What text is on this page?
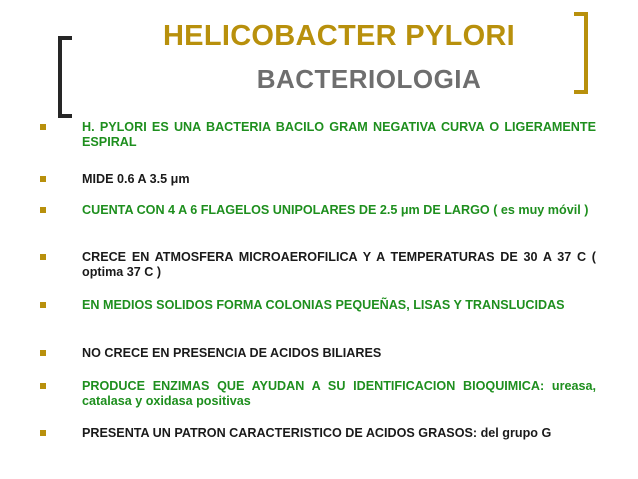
HELICOBACTER PYLORI
BACTERIOLOGIA
H. PYLORI ES UNA BACTERIA BACILO GRAM NEGATIVA CURVA O LIGERAMENTE ESPIRAL
MIDE 0.6 A 3.5 μm
CUENTA CON 4 A 6 FLAGELOS UNIPOLARES DE 2.5 μm DE LARGO ( es muy móvil )
CRECE EN ATMOSFERA MICROAEROFILICA Y A TEMPERATURAS DE 30 A 37 C ( optima 37 C )
EN MEDIOS SOLIDOS FORMA COLONIAS PEQUEÑAS, LISAS Y TRANSLUCIDAS
NO CRECE EN PRESENCIA DE ACIDOS BILIARES
PRODUCE ENZIMAS QUE AYUDAN A SU IDENTIFICACION BIOQUIMICA: ureasa, catalasa y oxidasa positivas
PRESENTA UN PATRON CARACTERISTICO DE ACIDOS GRASOS: del grupo G
